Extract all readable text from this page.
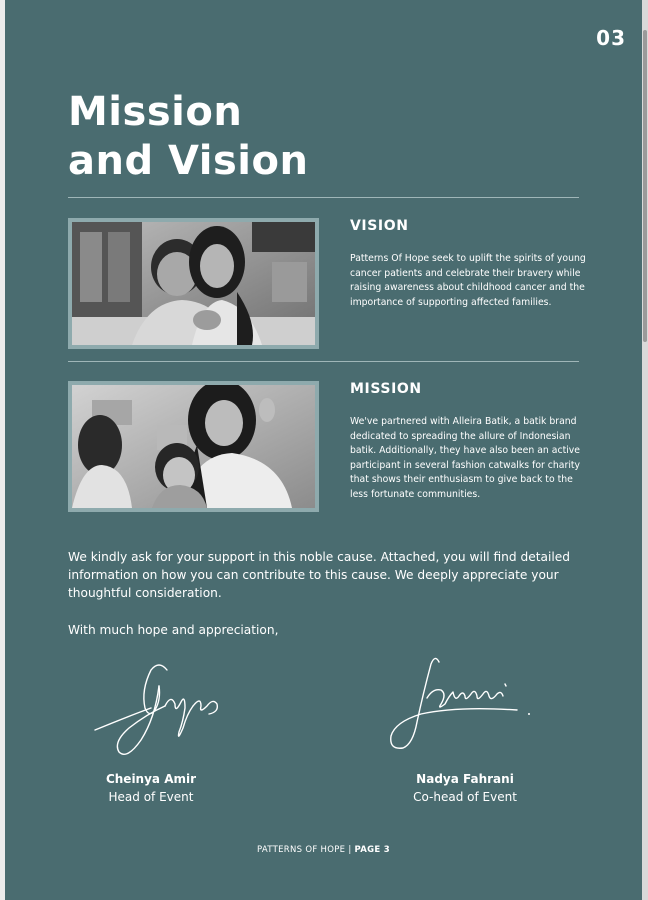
03
Mission
and Vision
VISION

Patterns Of Hope seek to uplift the spirits of young cancer patients and celebrate their bravery while raising awareness about childhood cancer and the importance of supporting affected families.

MISSION

We've partnered with Alleira Batik, a batik brand dedicated to spreading the allure of Indonesian batik. Additionally, they have also been an active participant in several fashion catwalks for charity that shows their enthusiasm to give back to the less fortunate communities.

We kindly ask for your support in this noble cause. Attached, you will find detailed information on how you can contribute to this cause. We deeply appreciate your thoughtful consideration.

With much hope and appreciation,

Cheinya Amir
Head of Event
Nadya Fahrani
Co-head of Event
PATTERNS OF HOPE | PAGE 3
